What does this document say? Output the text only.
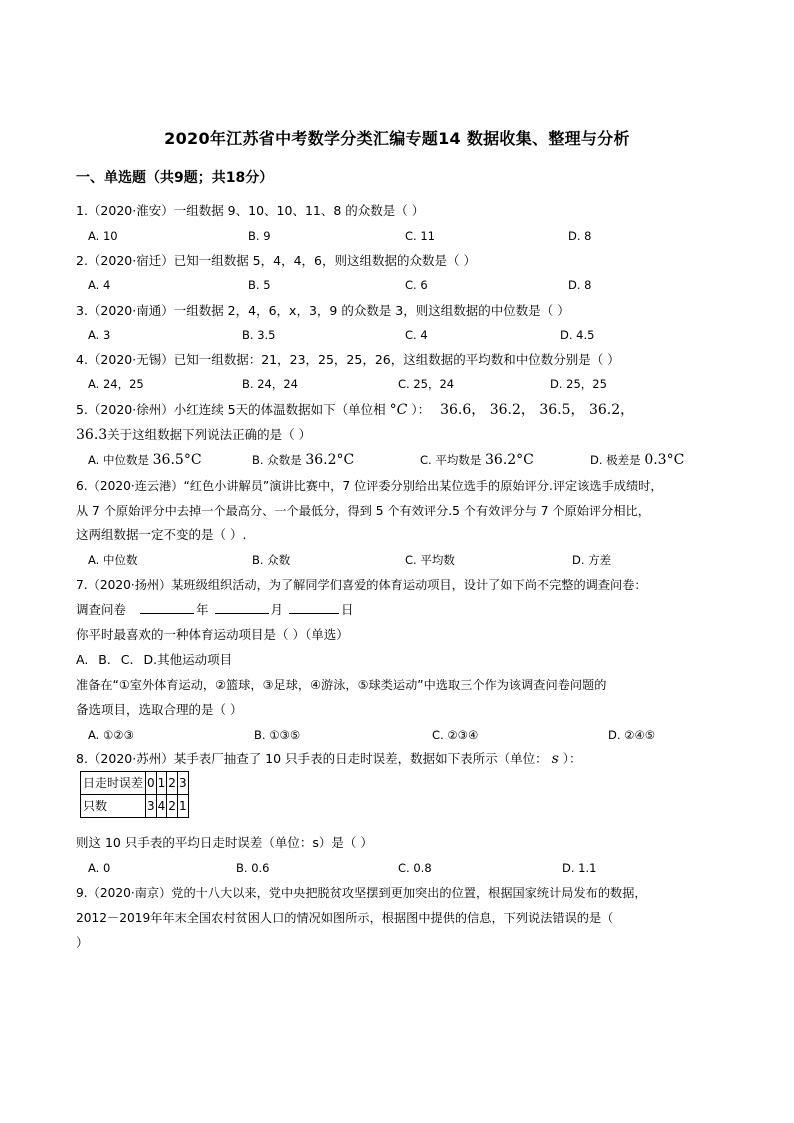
2020年江苏省中考数学分类汇编专题14 数据收集、整理与分析
一、单选题（共9题；共18分）
1.（2020·淮安）一组数据 9、10、10、11、8 的众数是（ ）
A. 10	B. 9	C. 11	D. 8
2.（2020·宿迁）已知一组数据 5，4，4，6，则这组数据的众数是（ ）
A. 4	B. 5	C. 6	D. 8
3.（2020·南通）一组数据 2，4，6，x，3，9 的众数是 3，则这组数据的中位数是（ ）
A. 3	B. 3.5	C. 4	D. 4.5
4.（2020·无锡）已知一组数据：21，23，25，25，26，这组数据的平均数和中位数分别是（ ）
A. 24，25	B. 24，24	C. 25，24	D. 25，25
5.（2020·徐州）小红连续 5天的体温数据如下（单位相 °C ）： 36.6， 36.2， 36.5， 36.2，
36.3关于这组数据下列说法正确的是（ ）
A. 中位数是 36.5°C	B. 众数是 36.2°C	C. 平均数是 36.2°C	D. 极差是 0.3°C
6.（2020·连云港）“红色小讲解员”演讲比赛中，7 位评委分别给出某位选手的原始评分.评定该选手成绩时，
从 7 个原始评分中去掉一个最高分、一个最低分，得到 5 个有效评分.5 个有效评分与 7 个原始评分相比，
这两组数据一定不变的是（ ）.
A. 中位数	B. 众数	C. 平均数	D. 方差
7.（2020·扬州）某班级组织活动，为了解同学们喜爱的体育运动项目，设计了如下尚不完整的调查问卷：
调查问卷	年	月	日
你平时最喜欢的一种体育运动项目是（ ）（单选）
A. B. C. D.其他运动项目
准备在“①室外体育运动，②篮球，③足球，④游泳，⑤球类运动”中选取三个作为该调查问卷问题的
备选项目，选取合理的是（ ）
A. ①②③	B. ①③⑤	C. ②③④	D. ②④⑤
8.（2020·苏州）某手表厂抽查了 10 只手表的日走时误差，数据如下表所示（单位： s ）：
日走时误差	0	1	2	3
只数	3	4	2	1
则这 10 只手表的平均日走时误差（单位：s）是（ ）
A. 0	B. 0.6	C. 0.8	D. 1.1
9.（2020·南京）党的十八大以来，党中央把脱贫攻坚摆到更加突出的位置，根据国家统计局发布的数据，
2012－2019年年末全国农村贫困人口的情况如图所示，根据图中提供的信息，下列说法错误的是（
）
